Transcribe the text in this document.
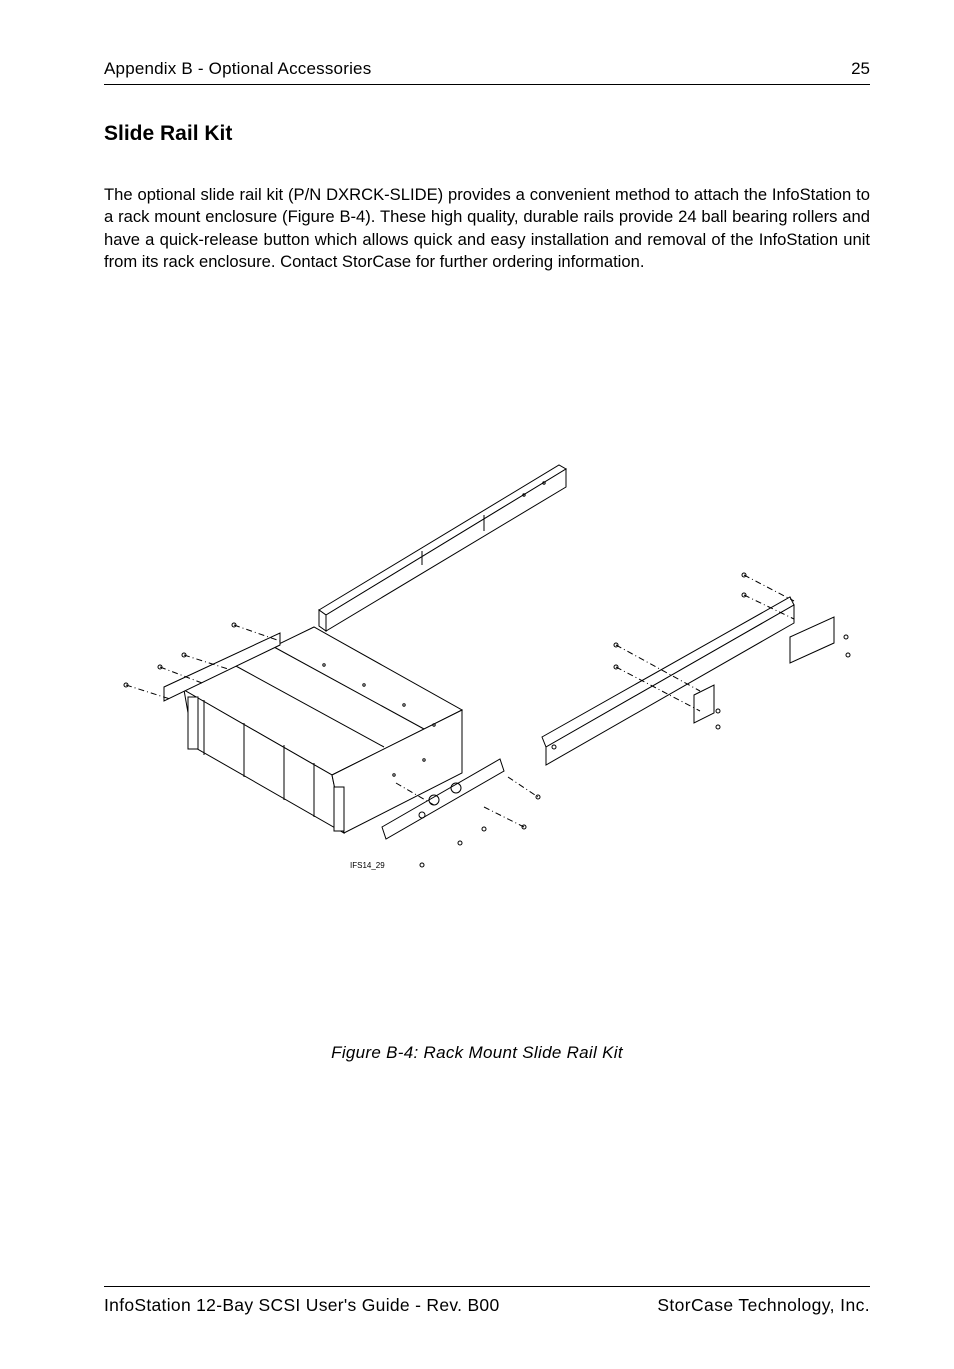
Appendix B - Optional Accessories	25
Slide Rail Kit

The optional slide rail kit (P/N DXRCK-SLIDE) provides a convenient method to attach the InfoStation to a rack mount enclosure (Figure B-4). These high quality, durable rails provide 24 ball bearing rollers and have a quick-release button which allows quick and easy installation and removal of the InfoStation unit from its rack enclosure. Contact StorCase for further ordering information.

IFS14_29
Figure B-4: Rack Mount Slide Rail Kit
InfoStation 12-Bay SCSI User's Guide - Rev. B00	StorCase Technology, Inc.
